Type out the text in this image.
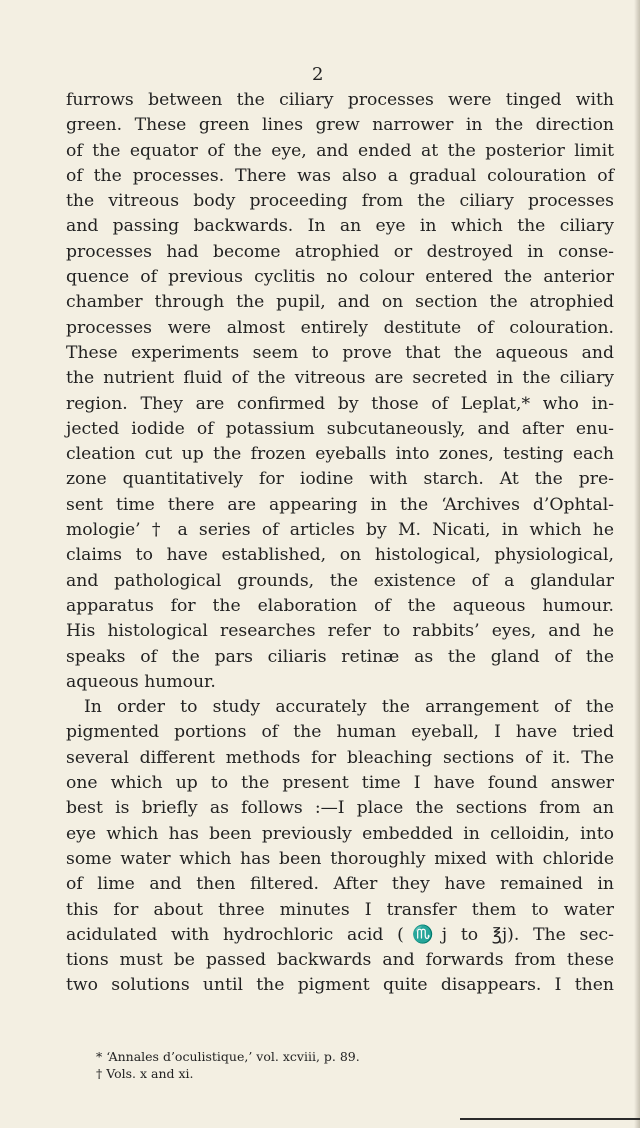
2
furrows between the ciliary processes were tinged with
green. These green lines grew narrower in the direction
of the equator of the eye, and ended at the posterior limit
of the processes. There was also a gradual colouration of
the vitreous body proceeding from the ciliary processes
and passing backwards. In an eye in which the ciliary
processes had become atrophied or destroyed in conse-
quence of previous cyclitis no colour entered the anterior
chamber through the pupil, and on section the atrophied
processes were almost entirely destitute of colouration.
These experiments seem to prove that the aqueous and
the nutrient fluid of the vitreous are secreted in the ciliary
region. They are confirmed by those of Leplat,* who in-
jected iodide of potassium subcutaneously, and after enu-
cleation cut up the frozen eyeballs into zones, testing each
zone quantitatively for iodine with starch. At the pre-
sent time there are appearing in the ‘Archives d’Ophtal-
mologie’ † a series of articles by M. Nicati, in which he
claims to have established, on histological, physiological,
and pathological grounds, the existence of a glandular
apparatus for the elaboration of the aqueous humour.
His histological researches refer to rabbits’ eyes, and he
speaks of the pars ciliaris retinæ as the gland of the
aqueous humour.
In order to study accurately the arrangement of the
pigmented portions of the human eyeball, I have tried
several different methods for bleaching sections of it. The
one which up to the present time I have found answer
best is briefly as follows :—I place the sections from an
eye which has been previously embedded in celloidin, into
some water which has been thoroughly mixed with chloride
of lime and then filtered. After they have remained in
this for about three minutes I transfer them to water
acidulated with hydrochloric acid (♏j to ℥j). The sec-
tions must be passed backwards and forwards from these
two solutions until the pigment quite disappears. I then
* ‘Annales d’oculistique,’ vol. xcviii, p. 89.
† Vols. x and xi.
